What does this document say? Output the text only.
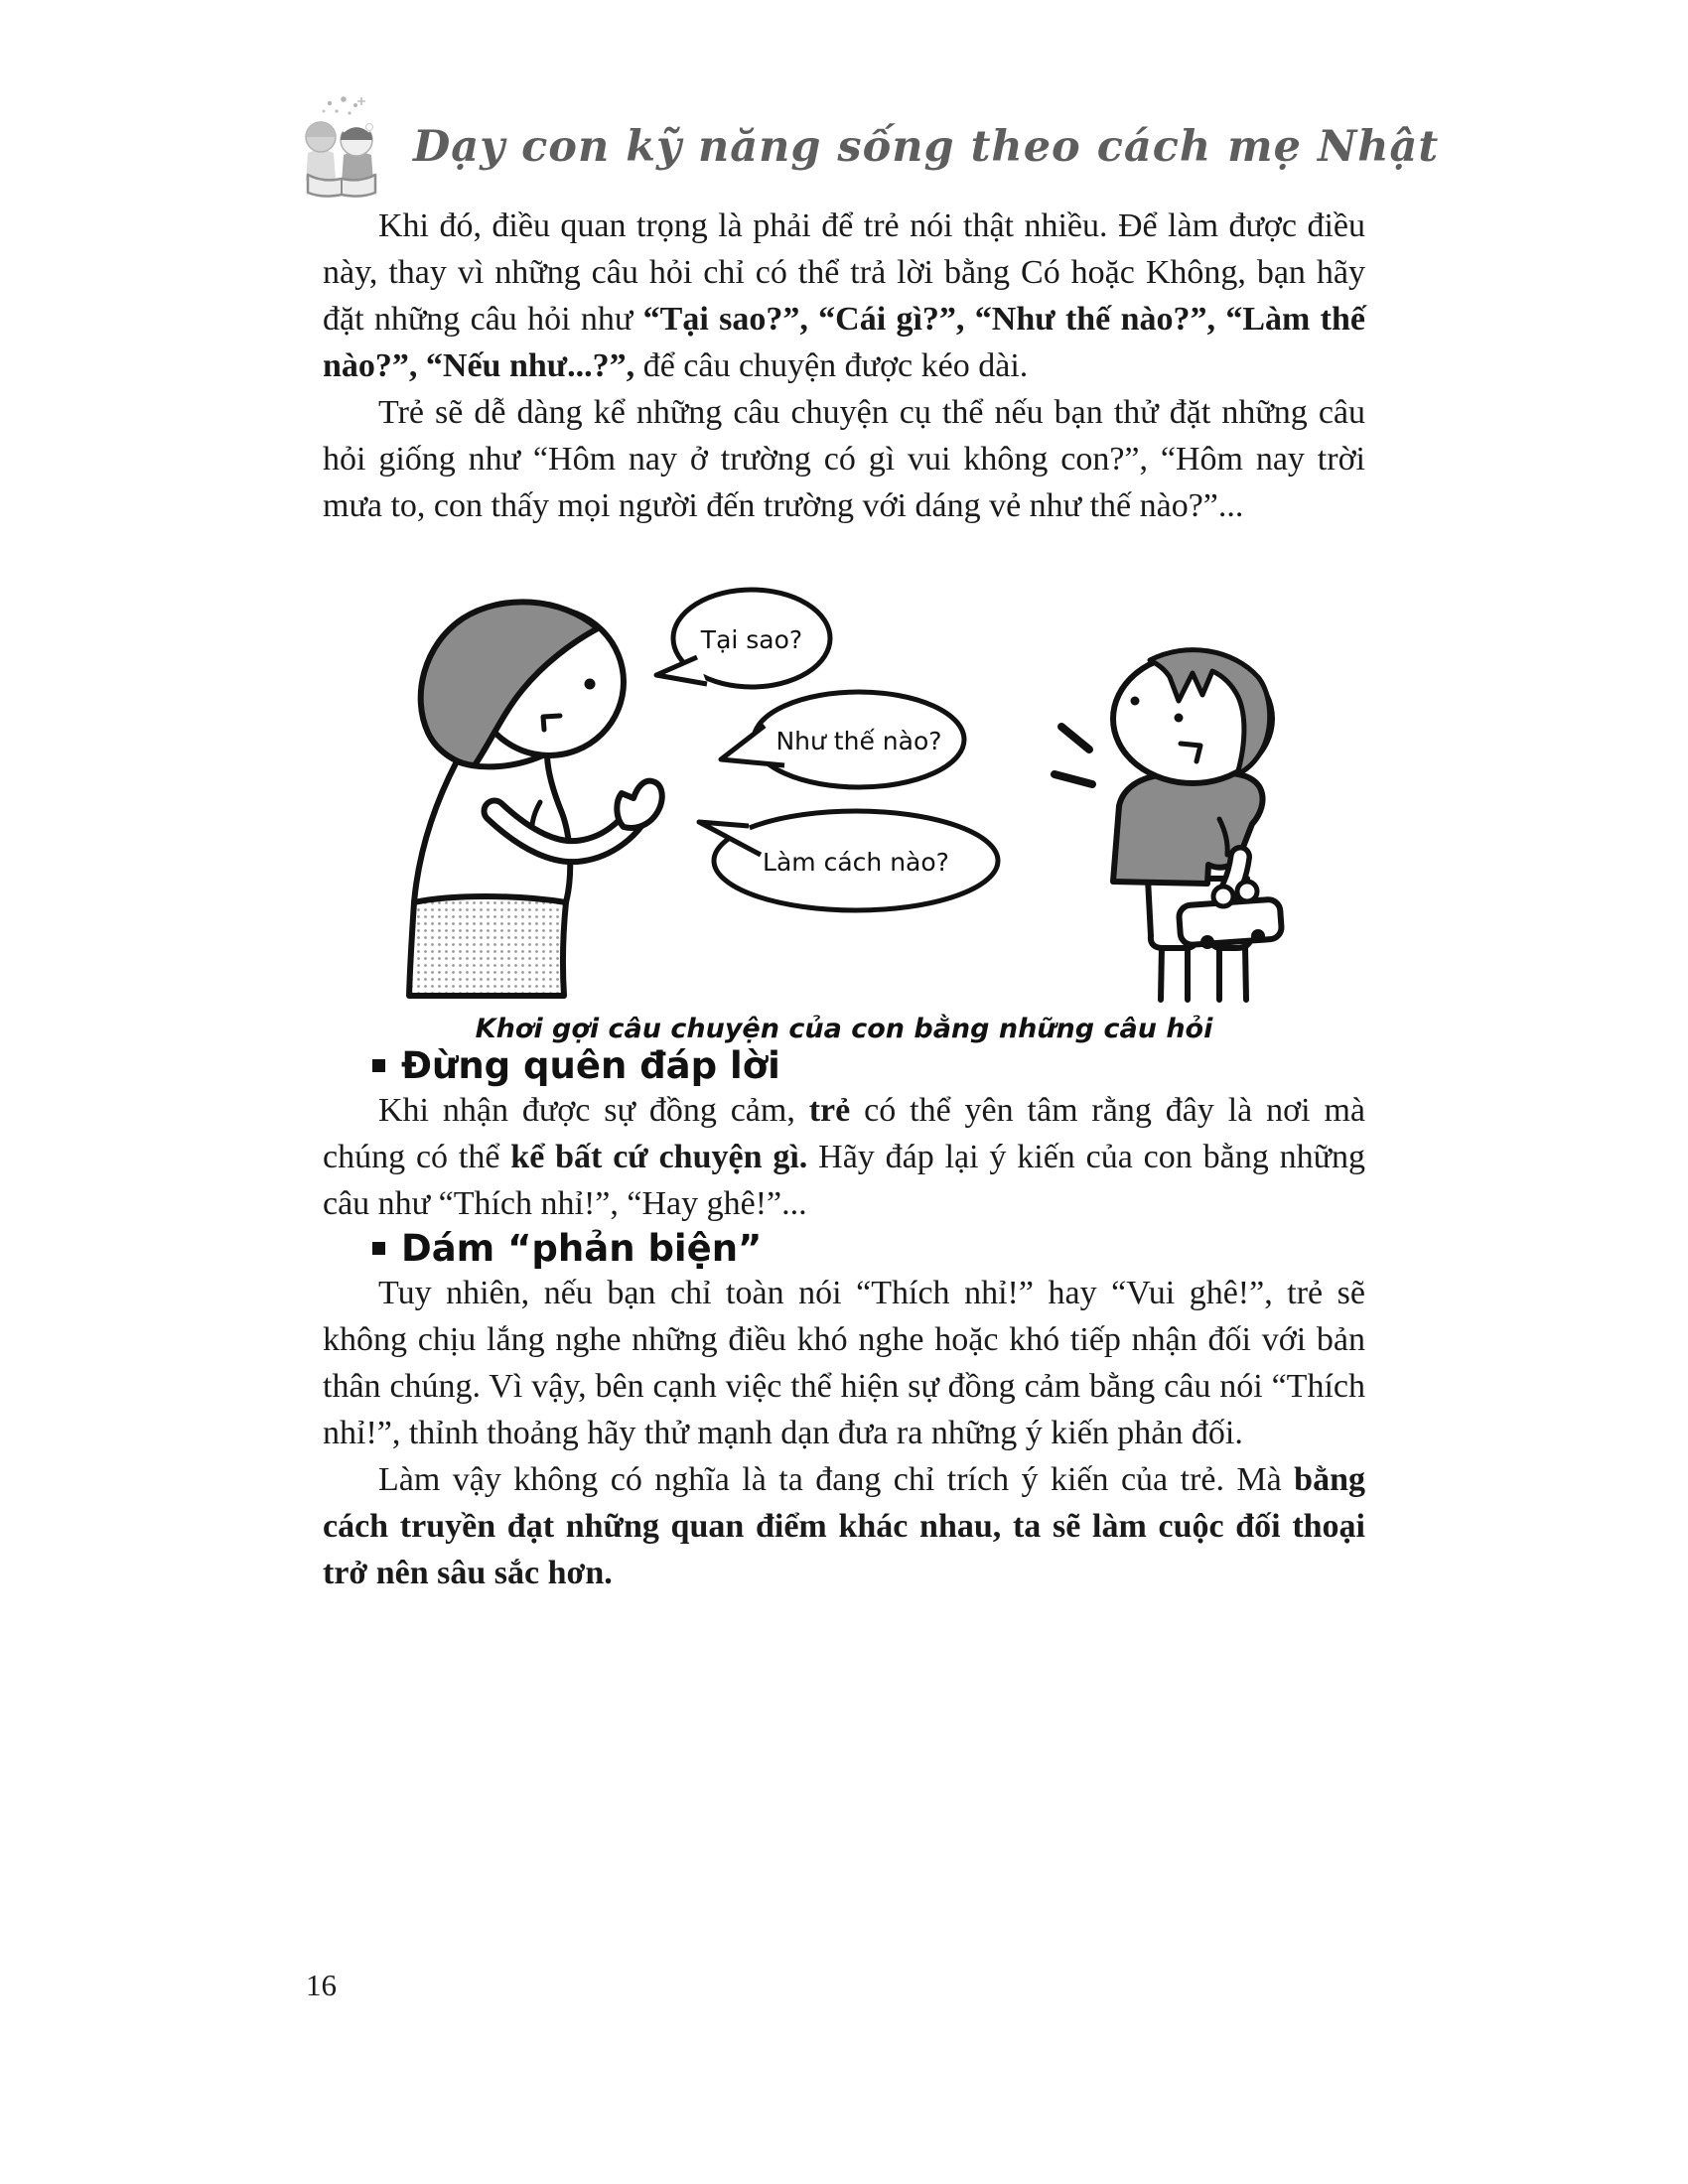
Dạy con kỹ năng sống theo cách mẹ Nhật

Khi đó, điều quan trọng là phải để trẻ nói thật nhiều. Để làm được điều này, thay vì những câu hỏi chỉ có thể trả lời bằng Có hoặc Không, bạn hãy đặt những câu hỏi như “Tại sao?”, “Cái gì?”, “Như thế nào?”, “Làm thế nào?”, “Nếu như...?”, để câu chuyện được kéo dài.

Trẻ sẽ dễ dàng kể những câu chuyện cụ thể nếu bạn thử đặt những câu hỏi giống như “Hôm nay ở trường có gì vui không con?”, “Hôm nay trời mưa to, con thấy mọi người đến trường với dáng vẻ như thế nào?”...

Tại sao?
Như thế nào?
Làm cách nào?
Khơi gợi câu chuyện của con bằng những câu hỏi
Đừng quên đáp lời

Khi nhận được sự đồng cảm, trẻ có thể yên tâm rằng đây là nơi mà chúng có thể kể bất cứ chuyện gì. Hãy đáp lại ý kiến của con bằng những câu như “Thích nhỉ!”, “Hay ghê!”...

Dám “phản biện”

Tuy nhiên, nếu bạn chỉ toàn nói “Thích nhỉ!” hay “Vui ghê!”, trẻ sẽ không chịu lắng nghe những điều khó nghe hoặc khó tiếp nhận đối với bản thân chúng. Vì vậy, bên cạnh việc thể hiện sự đồng cảm bằng câu nói “Thích nhỉ!”, thỉnh thoảng hãy thử mạnh dạn đưa ra những ý kiến phản đối.

Làm vậy không có nghĩa là ta đang chỉ trích ý kiến của trẻ. Mà bằng cách truyền đạt những quan điểm khác nhau, ta sẽ làm cuộc đối thoại trở nên sâu sắc hơn.

16
